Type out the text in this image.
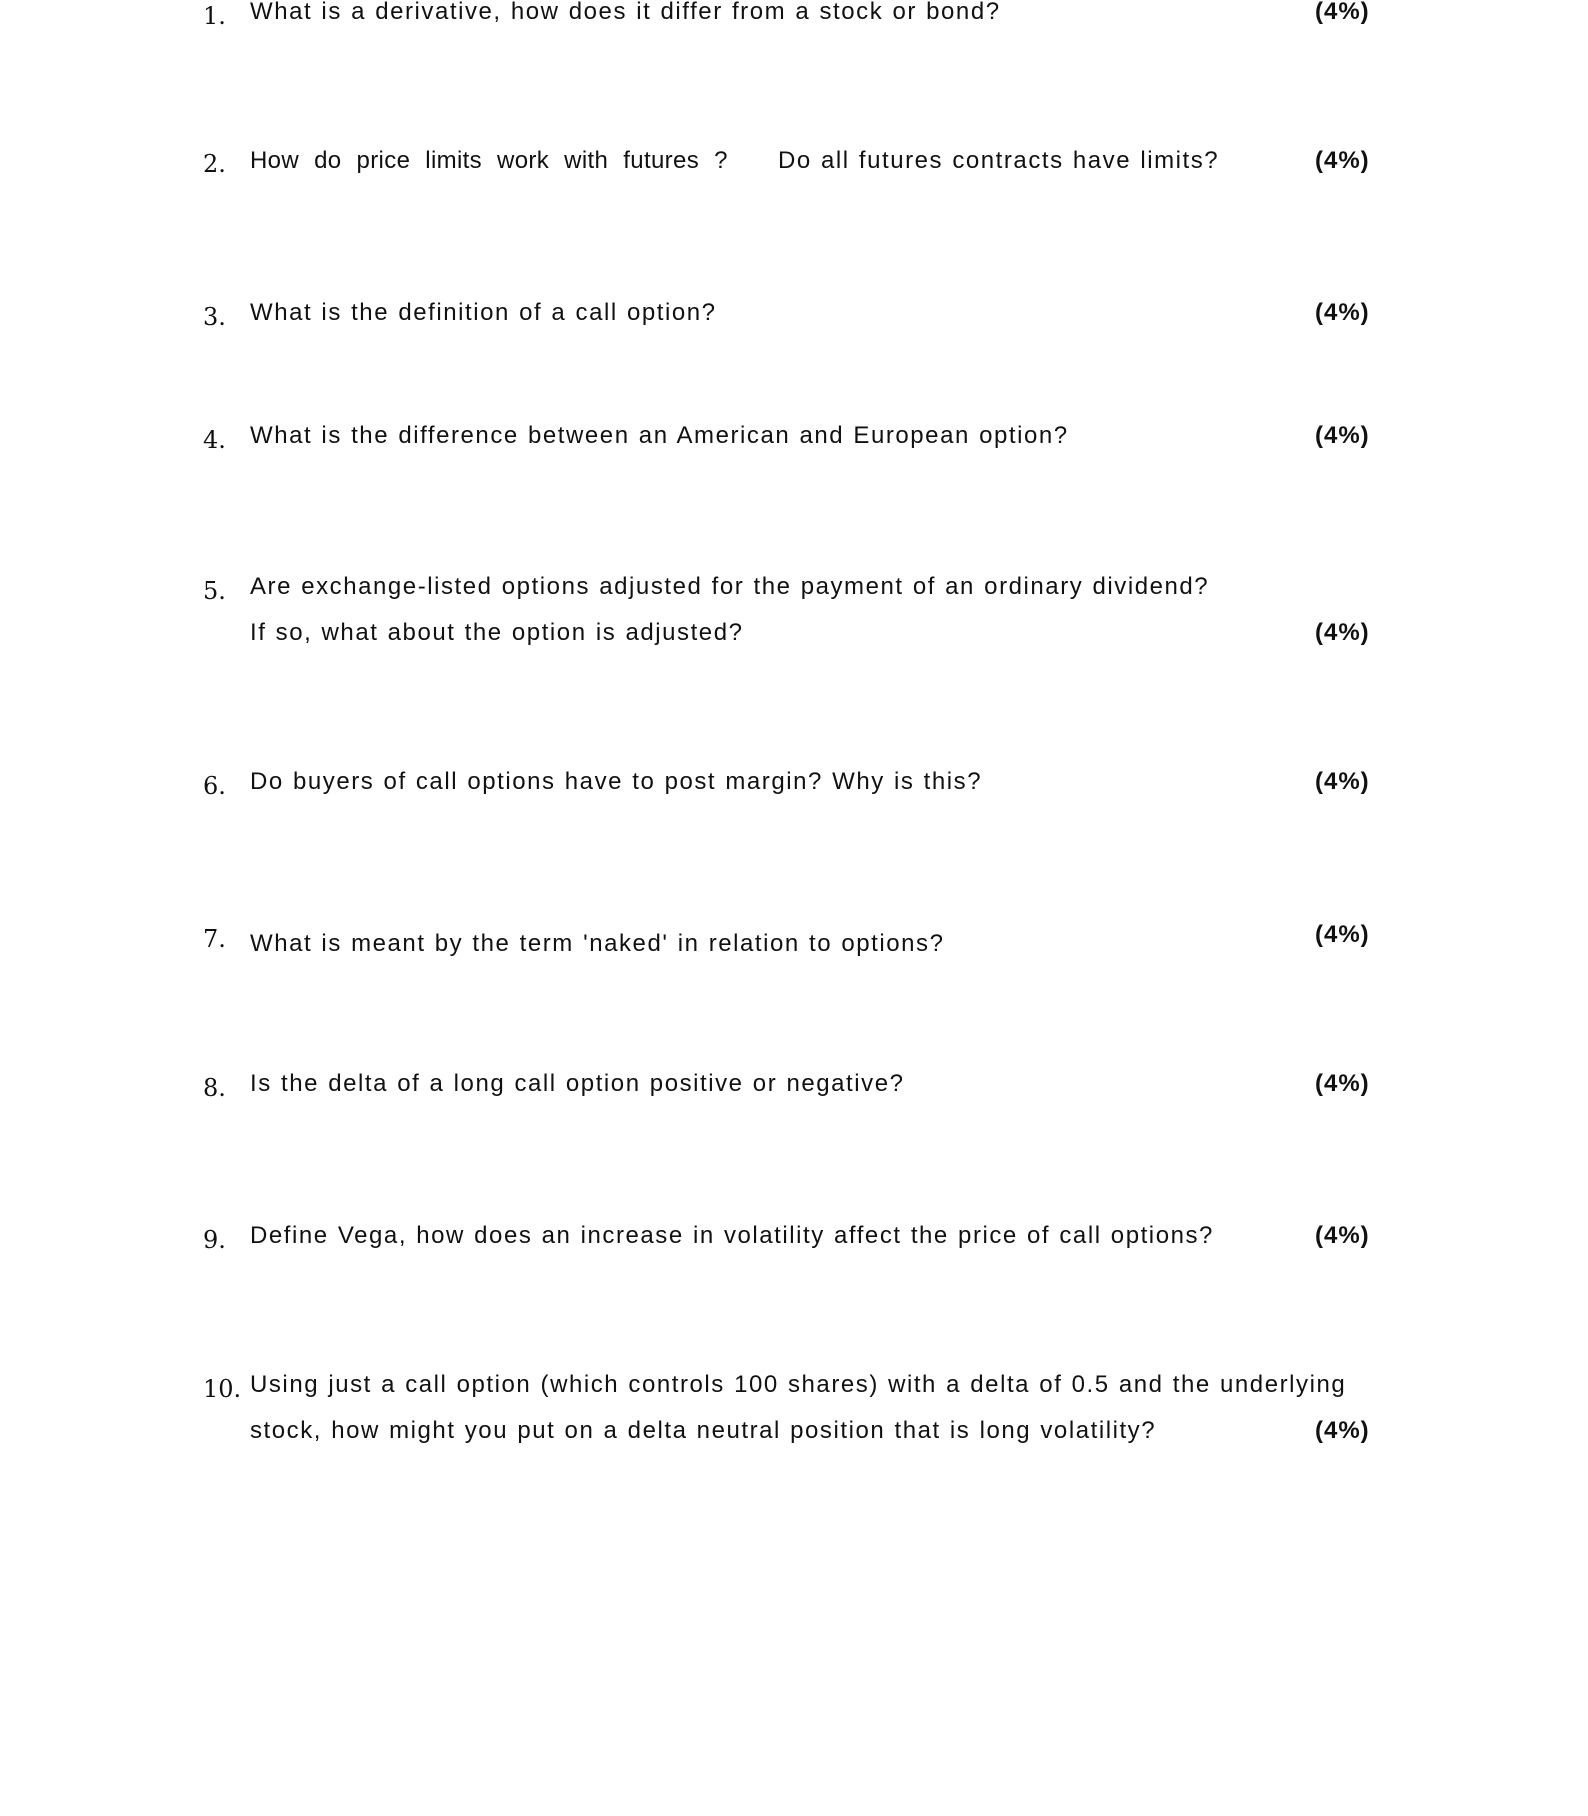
1. What is a derivative, how does it differ from a stock or bond?	(4%)
2. How do price limits work with futures ? Do all futures contracts have limits?	(4%)
3. What is the definition of a call option?	(4%)
4. What is the difference between an American and European option?	(4%)
5. Are exchange-listed options adjusted for the payment of an ordinary dividend?
If so, what about the option is adjusted?	(4%)
6. Do buyers of call options have to post margin? Why is this?	(4%)
7. What is meant by the term 'naked' in relation to options?	(4%)
8. Is the delta of a long call option positive or negative?	(4%)
9. Define Vega, how does an increase in volatility affect the price of call options?	(4%)
10. Using just a call option (which controls 100 shares) with a delta of 0.5 and the underlying
stock, how might you put on a delta neutral position that is long volatility?	(4%)
